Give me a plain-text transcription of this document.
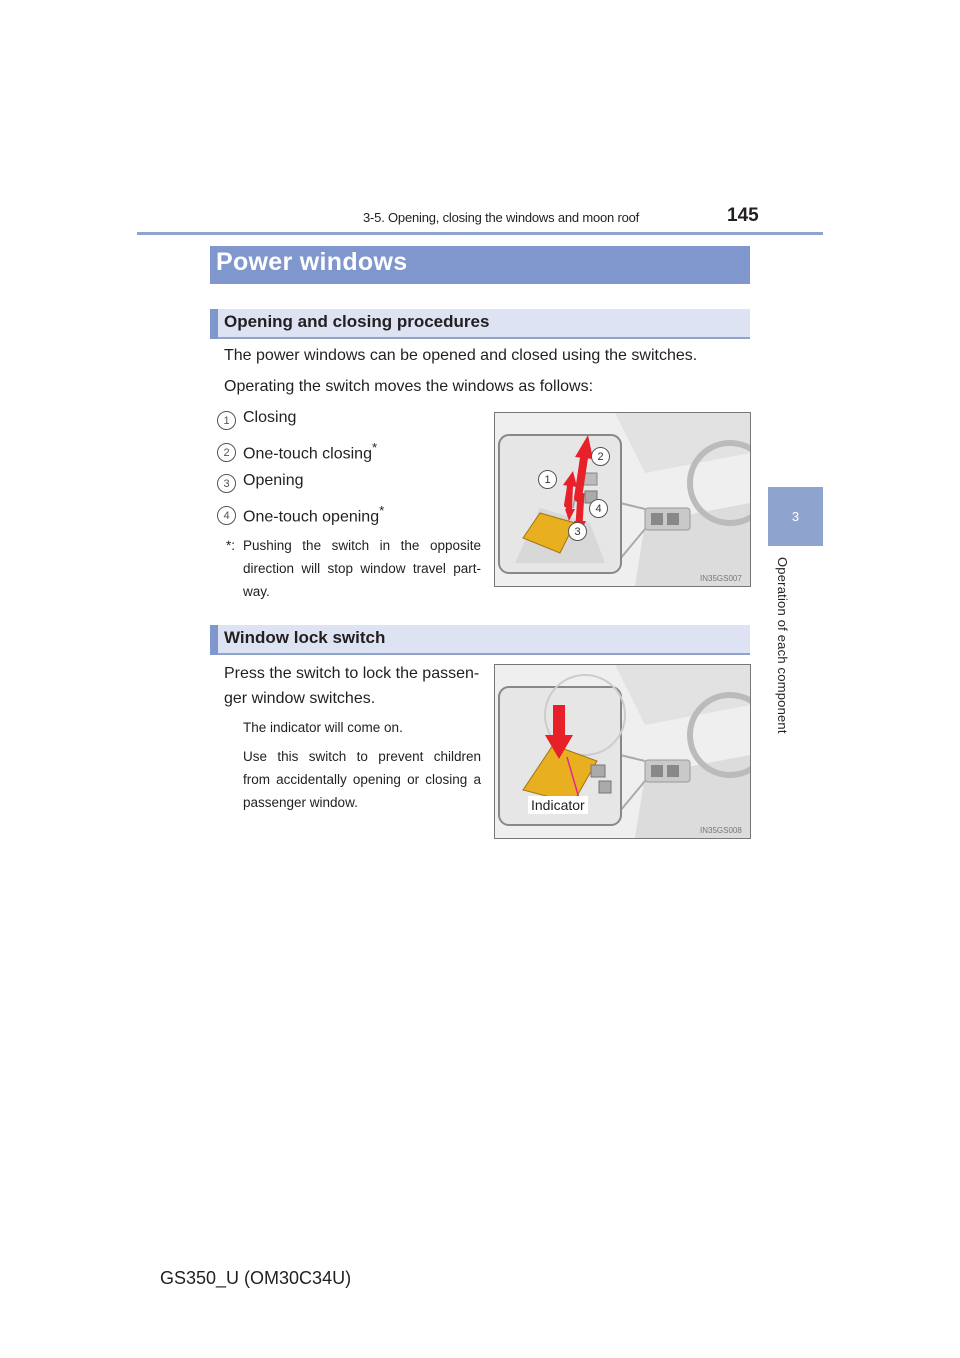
3-5. Opening, closing the windows and moon roof	145
3
Operation of each component
Power windows
Opening and closing procedures
The power windows can be opened and closed using the switches.
Operating the switch moves the windows as follows:
1 Closing
2 One-touch closing*
3 Opening
4 One-touch opening*
*: Pushing the switch in the opposite
direction will stop window travel part-
way.
1
2
3
4
IN35GS007
Window lock switch
Press the switch to lock the passen-
ger window switches.
The indicator will come on.
Use this switch to prevent children
from accidentally opening or closing a
passenger window.	Indicator
IN35GS008
GS350_U (OM30C34U)
